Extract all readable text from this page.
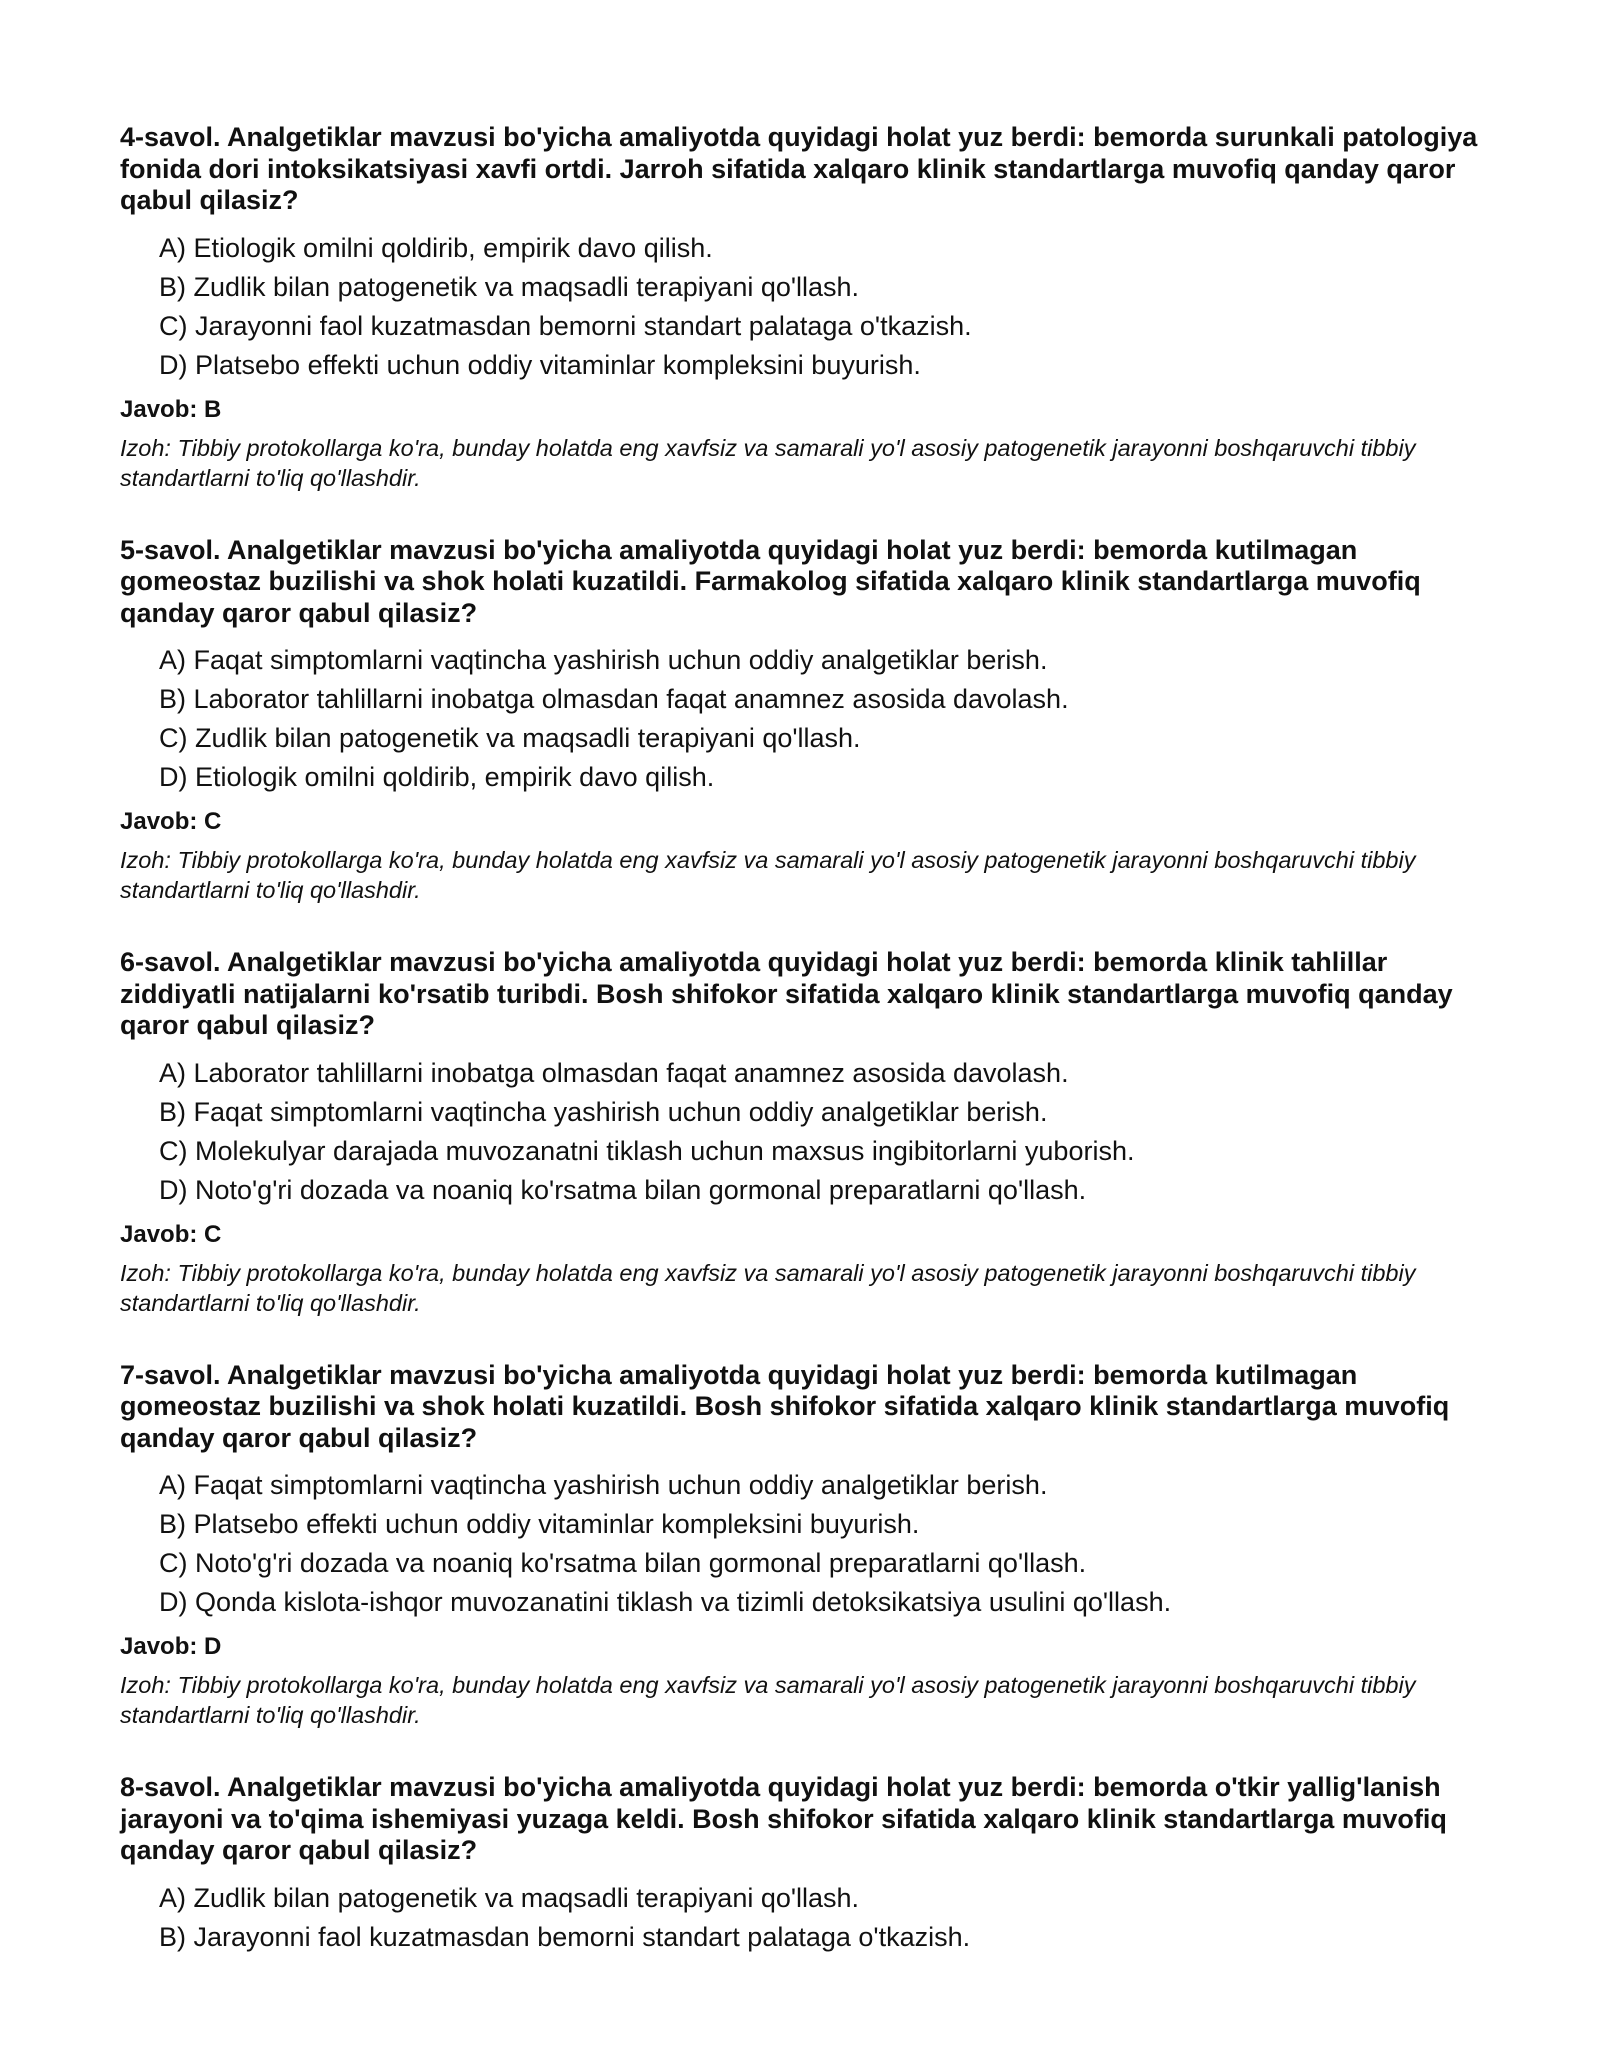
4-savol. Analgetiklar mavzusi bo'yicha amaliyotda quyidagi holat yuz berdi: bemorda surunkali patologiya fonida dori intoksikatsiyasi xavfi ortdi. Jarroh sifatida xalqaro klinik standartlarga muvofiq qanday qaror qabul qilasiz?
A) Etiologik omilni qoldirib, empirik davo qilish.
B) Zudlik bilan patogenetik va maqsadli terapiyani qo'llash.
C) Jarayonni faol kuzatmasdan bemorni standart palataga o'tkazish.
D) Platsebo effekti uchun oddiy vitaminlar kompleksini buyurish.
Javob: B

Izoh: Tibbiy protokollarga ko'ra, bunday holatda eng xavfsiz va samarali yo'l asosiy patogenetik jarayonni boshqaruvchi tibbiy standartlarni to'liq qo'llashdir.

5-savol. Analgetiklar mavzusi bo'yicha amaliyotda quyidagi holat yuz berdi: bemorda kutilmagan gomeostaz buzilishi va shok holati kuzatildi. Farmakolog sifatida xalqaro klinik standartlarga muvofiq qanday qaror qabul qilasiz?
A) Faqat simptomlarni vaqtincha yashirish uchun oddiy analgetiklar berish.
B) Laborator tahlillarni inobatga olmasdan faqat anamnez asosida davolash.
C) Zudlik bilan patogenetik va maqsadli terapiyani qo'llash.
D) Etiologik omilni qoldirib, empirik davo qilish.
Javob: C

Izoh: Tibbiy protokollarga ko'ra, bunday holatda eng xavfsiz va samarali yo'l asosiy patogenetik jarayonni boshqaruvchi tibbiy standartlarni to'liq qo'llashdir.

6-savol. Analgetiklar mavzusi bo'yicha amaliyotda quyidagi holat yuz berdi: bemorda klinik tahlillar ziddiyatli natijalarni ko'rsatib turibdi. Bosh shifokor sifatida xalqaro klinik standartlarga muvofiq qanday qaror qabul qilasiz?
A) Laborator tahlillarni inobatga olmasdan faqat anamnez asosida davolash.
B) Faqat simptomlarni vaqtincha yashirish uchun oddiy analgetiklar berish.
C) Molekulyar darajada muvozanatni tiklash uchun maxsus ingibitorlarni yuborish.
D) Noto'g'ri dozada va noaniq ko'rsatma bilan gormonal preparatlarni qo'llash.
Javob: C

Izoh: Tibbiy protokollarga ko'ra, bunday holatda eng xavfsiz va samarali yo'l asosiy patogenetik jarayonni boshqaruvchi tibbiy standartlarni to'liq qo'llashdir.

7-savol. Analgetiklar mavzusi bo'yicha amaliyotda quyidagi holat yuz berdi: bemorda kutilmagan gomeostaz buzilishi va shok holati kuzatildi. Bosh shifokor sifatida xalqaro klinik standartlarga muvofiq qanday qaror qabul qilasiz?
A) Faqat simptomlarni vaqtincha yashirish uchun oddiy analgetiklar berish.
B) Platsebo effekti uchun oddiy vitaminlar kompleksini buyurish.
C) Noto'g'ri dozada va noaniq ko'rsatma bilan gormonal preparatlarni qo'llash.
D) Qonda kislota-ishqor muvozanatini tiklash va tizimli detoksikatsiya usulini qo'llash.
Javob: D

Izoh: Tibbiy protokollarga ko'ra, bunday holatda eng xavfsiz va samarali yo'l asosiy patogenetik jarayonni boshqaruvchi tibbiy standartlarni to'liq qo'llashdir.

8-savol. Analgetiklar mavzusi bo'yicha amaliyotda quyidagi holat yuz berdi: bemorda o'tkir yallig'lanish jarayoni va to'qima ishemiyasi yuzaga keldi. Bosh shifokor sifatida xalqaro klinik standartlarga muvofiq qanday qaror qabul qilasiz?
A) Zudlik bilan patogenetik va maqsadli terapiyani qo'llash.
B) Jarayonni faol kuzatmasdan bemorni standart palataga o'tkazish.
